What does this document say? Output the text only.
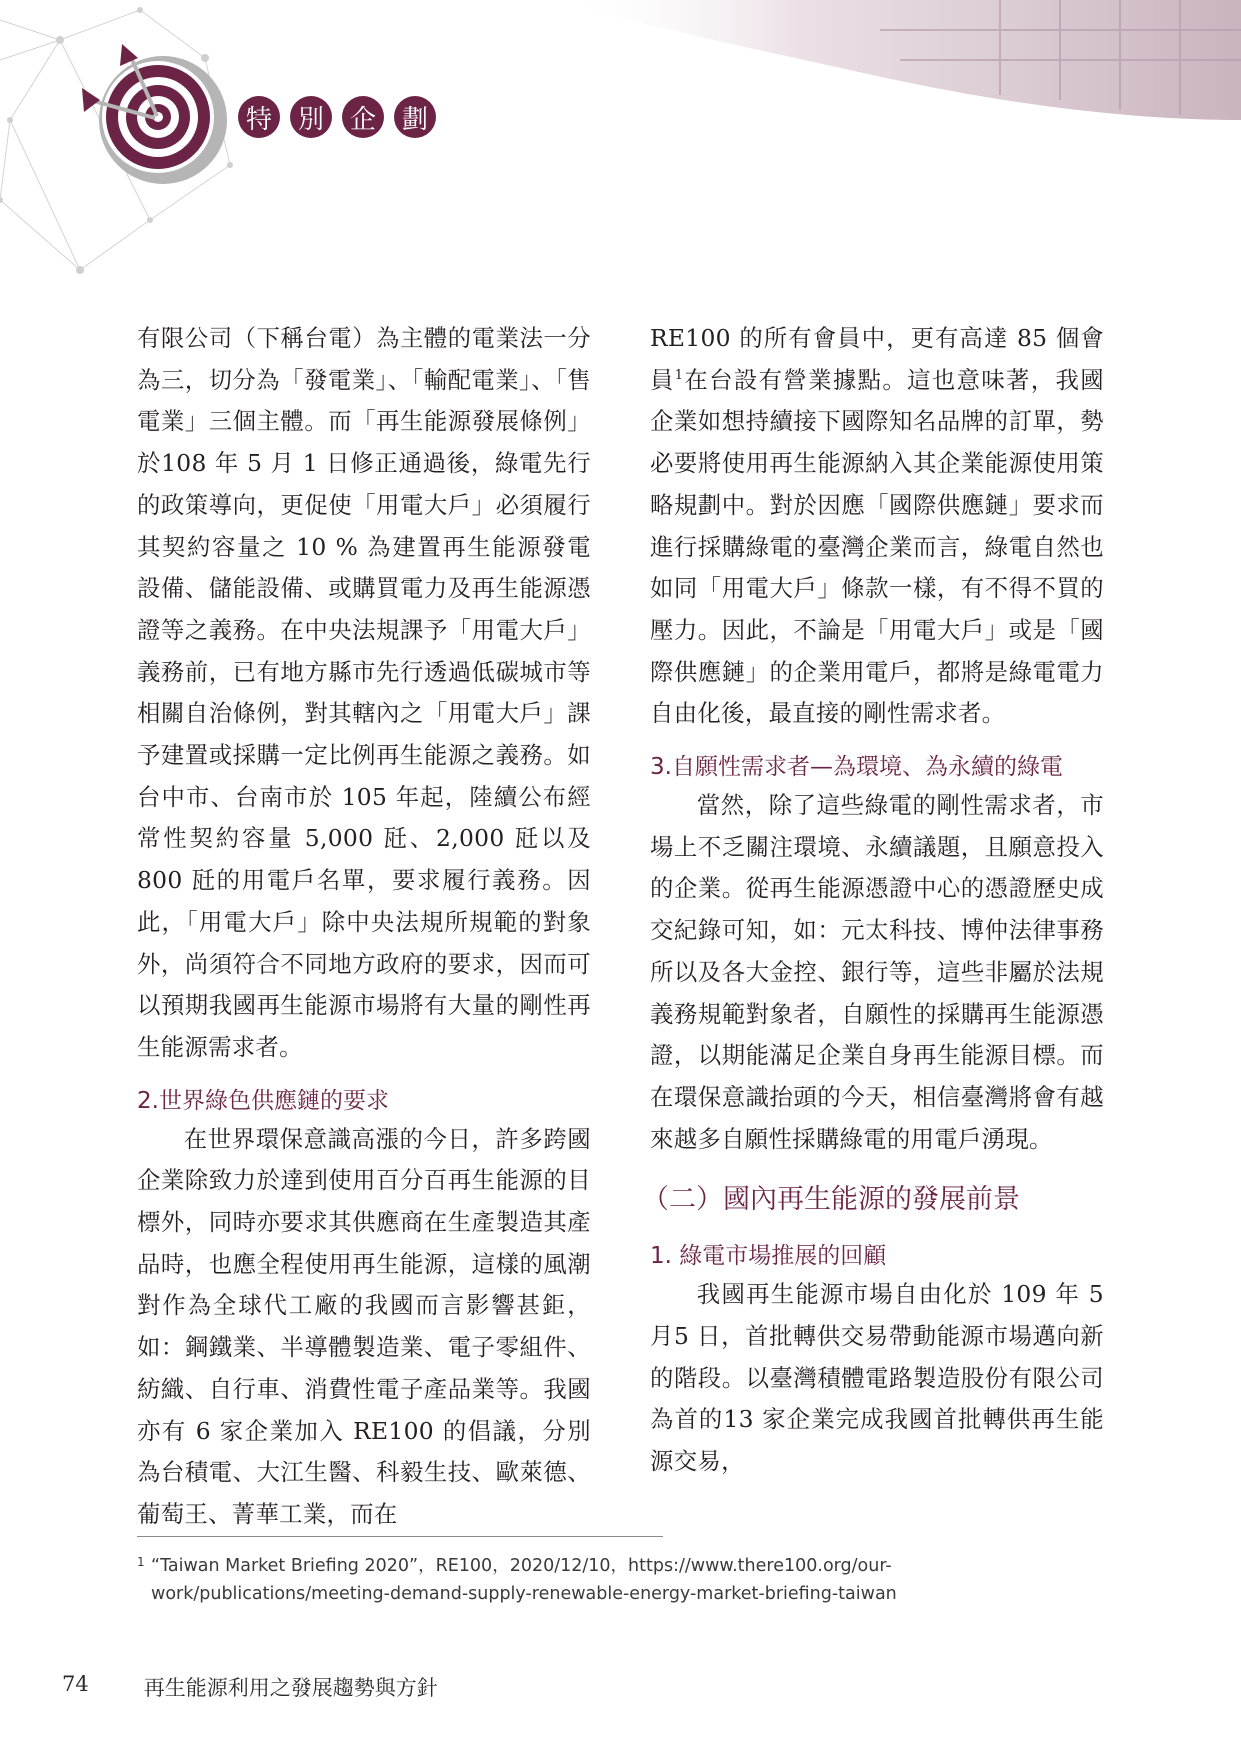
特 別 企 劃

有限公司（下稱台電）為主體的電業法一分為三，切分為「發電業」、「輸配電業」、「售電業」三個主體。而「再生能源發展條例」於108 年 5 月 1 日修正通過後，綠電先行的政策導向，更促使「用電大戶」必須履行其契約容量之 10 % 為建置再生能源發電設備、儲能設備、或購買電力及再生能源憑證等之義務。在中央法規課予「用電大戶」義務前，已有地方縣市先行透過低碳城市等相關自治條例，對其轄內之「用電大戶」課予建置或採購一定比例再生能源之義務。如台中市、台南市於 105 年起，陸續公布經常性契約容量 5,000 瓩、2,000 瓩以及 800 瓩的用電戶名單，要求履行義務。因此，「用電大戶」除中央法規所規範的對象外，尚須符合不同地方政府的要求，因而可以預期我國再生能源市場將有大量的剛性再生能源需求者。

2.世界綠色供應鏈的要求

在世界環保意識高漲的今日，許多跨國企業除致力於達到使用百分百再生能源的目標外，同時亦要求其供應商在生產製造其產品時，也應全程使用再生能源，這樣的風潮對作為全球代工廠的我國而言影響甚鉅，如：鋼鐵業、半導體製造業、電子零組件、紡織、自行車、消費性電子產品業等。我國亦有 6 家企業加入 RE100 的倡議，分別為台積電、大江生醫、科毅生技、歐萊德、葡萄王、菁華工業，而在

RE100 的所有會員中，更有高達 85 個會員$^1$在台設有營業據點。這也意味著，我國企業如想持續接下國際知名品牌的訂單，勢必要將使用再生能源納入其企業能源使用策略規劃中。對於因應「國際供應鏈」要求而進行採購綠電的臺灣企業而言，綠電自然也如同「用電大戶」條款一樣，有不得不買的壓力。因此，不論是「用電大戶」或是「國際供應鏈」的企業用電戶，都將是綠電電力自由化後，最直接的剛性需求者。

3.自願性需求者—為環境、為永續的綠電

當然，除了這些綠電的剛性需求者，市場上不乏關注環境、永續議題，且願意投入的企業。從再生能源憑證中心的憑證歷史成交紀錄可知，如：元太科技、博仲法律事務所以及各大金控、銀行等，這些非屬於法規義務規範對象者，自願性的採購再生能源憑證，以期能滿足企業自身再生能源目標。而在環保意識抬頭的今天，相信臺灣將會有越來越多自願性採購綠電的用電戶湧現。

（二）國內再生能源的發展前景
1. 綠電市場推展的回顧

我國再生能源市場自由化於 109 年 5 月5 日，首批轉供交易帶動能源市場邁向新的階段。以臺灣積體電路製造股份有限公司為首的13 家企業完成我國首批轉供再生能源交易，

1 “Taiwan Market Briefing 2020”，RE100，2020/12/10，https://www.there100.org/our-work/publications/meeting-demand-supply-renewable-energy-market-briefing-taiwan
74	再生能源利用之發展趨勢與方針
